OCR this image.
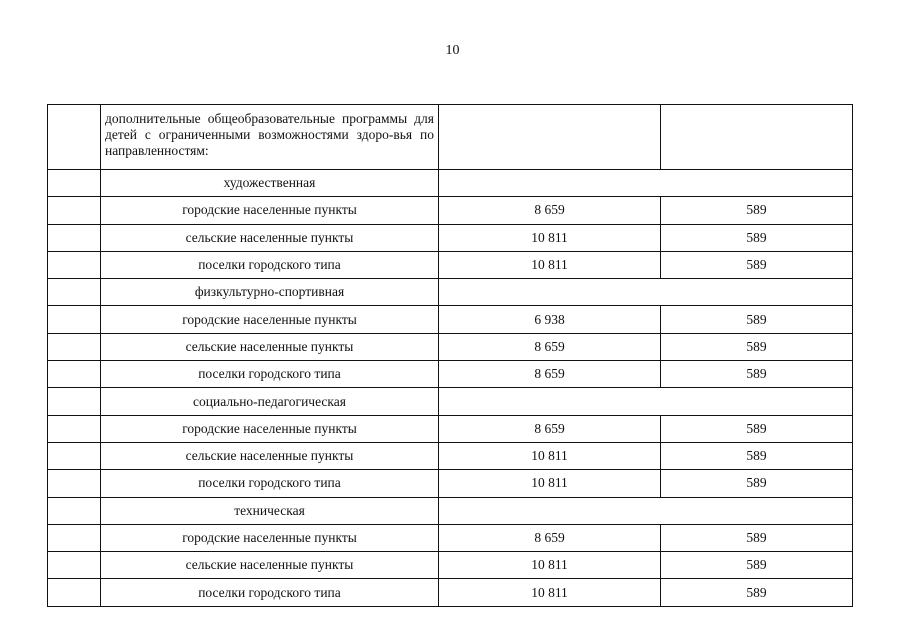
10
	дополнительные общеобразовательные программы для детей с ограниченными возможностями здоро-вья по направленностям:		
	художественная		
	городские населенные пункты	8 659	589
	сельские населенные пункты	10 811	589
	поселки городского типа	10 811	589
	физкультурно-спортивная		
	городские населенные пункты	6 938	589
	сельские населенные пункты	8 659	589
	поселки городского типа	8 659	589
	социально-педагогическая		
	городские населенные пункты	8 659	589
	сельские населенные пункты	10 811	589
	поселки городского типа	10 811	589
	техническая		
	городские населенные пункты	8 659	589
	сельские населенные пункты	10 811	589
	поселки городского типа	10 811	589
